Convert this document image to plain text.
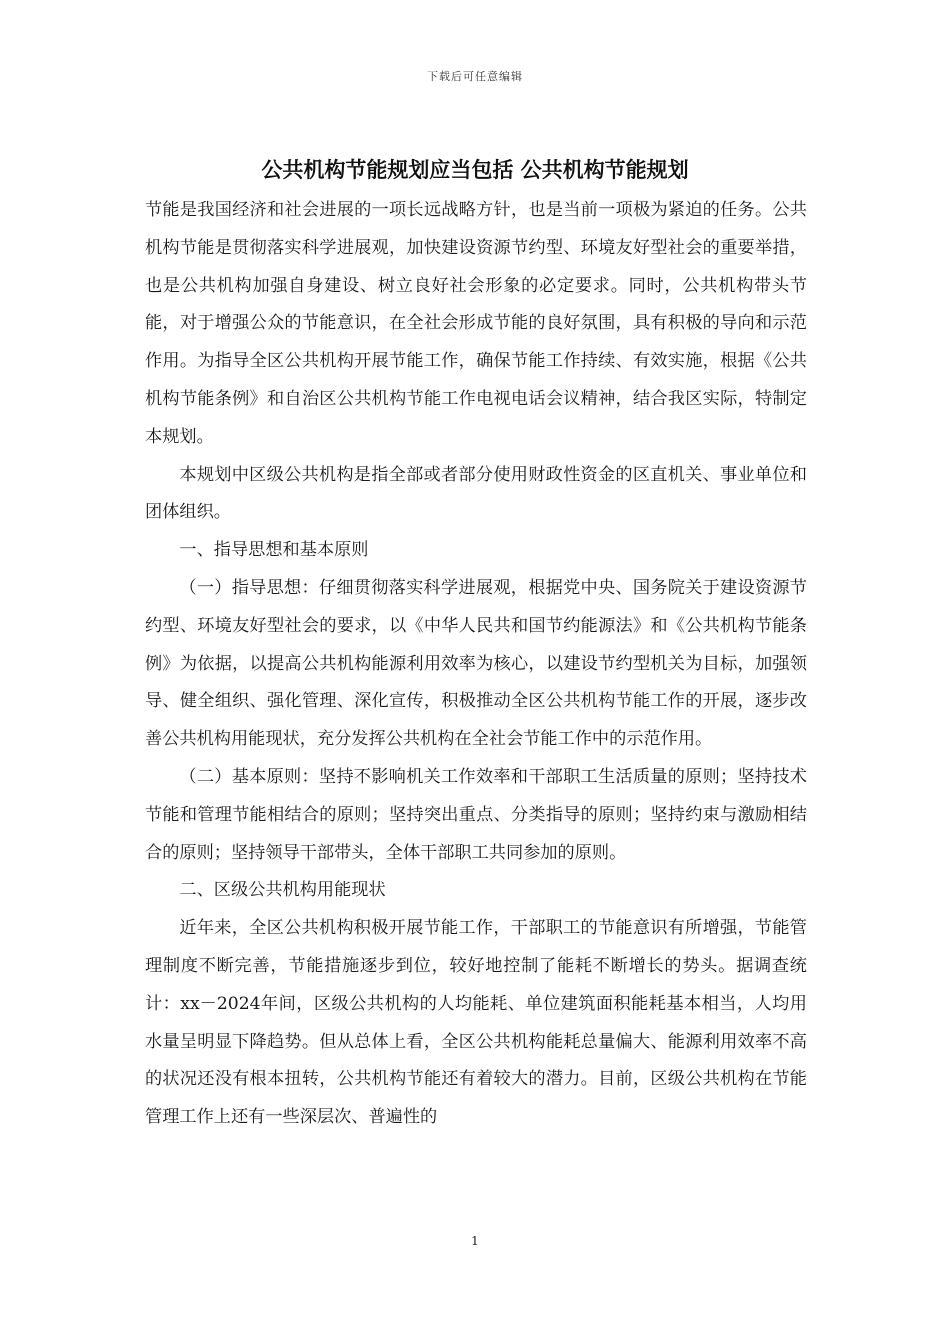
下载后可任意编辑
公共机构节能规划应当包括 公共机构节能规划

节能是我国经济和社会进展的一项长远战略方针，也是当前一项极为紧迫的任务。公共机构节能是贯彻落实科学进展观，加快建设资源节约型、环境友好型社会的重要举措，也是公共机构加强自身建设、树立良好社会形象的必定要求。同时，公共机构带头节能，对于增强公众的节能意识，在全社会形成节能的良好氛围，具有积极的导向和示范作用。为指导全区公共机构开展节能工作，确保节能工作持续、有效实施，根据《公共机构节能条例》和自治区公共机构节能工作电视电话会议精神，结合我区实际，特制定本规划。

本规划中区级公共机构是指全部或者部分使用财政性资金的区直机关、事业单位和团体组织。

一、指导思想和基本原则

（一）指导思想：仔细贯彻落实科学进展观，根据党中央、国务院关于建设资源节约型、环境友好型社会的要求，以《中华人民共和国节约能源法》和《公共机构节能条例》为依据，以提高公共机构能源利用效率为核心，以建设节约型机关为目标，加强领导、健全组织、强化管理、深化宣传，积极推动全区公共机构节能工作的开展，逐步改善公共机构用能现状，充分发挥公共机构在全社会节能工作中的示范作用。

（二）基本原则：坚持不影响机关工作效率和干部职工生活质量的原则；坚持技术节能和管理节能相结合的原则；坚持突出重点、分类指导的原则；坚持约束与激励相结合的原则；坚持领导干部带头，全体干部职工共同参加的原则。

二、区级公共机构用能现状

近年来，全区公共机构积极开展节能工作，干部职工的节能意识有所增强，节能管理制度不断完善，节能措施逐步到位，较好地控制了能耗不断增长的势头。据调查统计：xx－2024年间，区级公共机构的人均能耗、单位建筑面积能耗基本相当，人均用水量呈明显下降趋势。但从总体上看，全区公共机构能耗总量偏大、能源利用效率不高的状况还没有根本扭转，公共机构节能还有着较大的潜力。目前，区级公共机构在节能管理工作上还有一些深层次、普遍性的

1
